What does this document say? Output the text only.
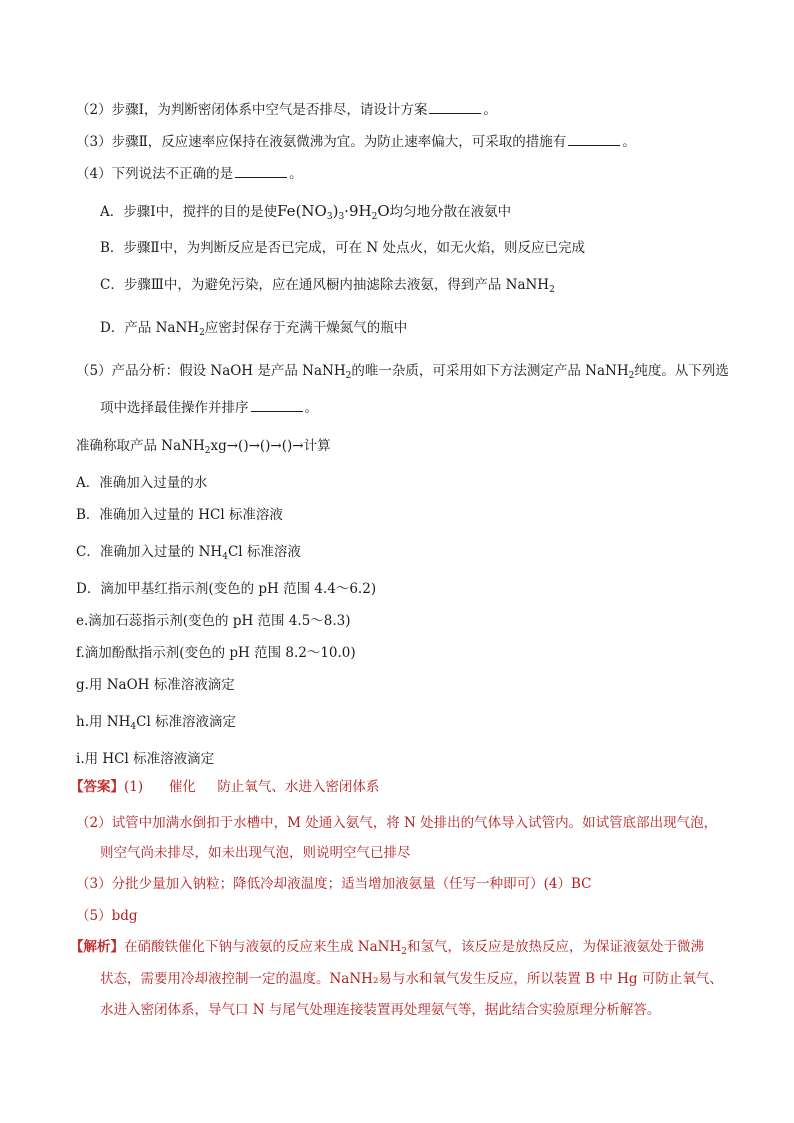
（2）步骤Ⅰ，为判断密闭体系中空气是否排尽，请设计方案	。
（3）步骤Ⅱ，反应速率应保持在液氨微沸为宜。为防止速率偏大，可采取的措施有	。
（4）下列说法不正确的是	。
A．步骤Ⅰ中，搅拌的目的是使$Fe(NO_3)_3\cdot 9H_2O$均匀地分散在液氨中
B．步骤Ⅱ中，为判断反应是否已完成，可在 N 处点火，如无火焰，则反应已完成
C．步骤Ⅲ中，为避免污染，应在通风橱内抽滤除去液氨，得到产品 NaNH$_2$
D．产品 NaNH$_2$应密封保存于充满干燥氮气的瓶中
（5）产品分析：假设 NaOH 是产品 NaNH$_2$的唯一杂质，可采用如下方法测定产品 NaNH$_2$纯度。从下列选
项中选择最佳操作并排序	。
准确称取产品 NaNH$_2$xg→()→()→()→计算
A．准确加入过量的水
B．准确加入过量的 HCl 标准溶液
C．准确加入过量的 $NH_4Cl$ 标准溶液
D．滴加甲基红指示剂(变色的 pH 范围 4.4～6.2)
e.滴加石蕊指示剂(变色的 pH 范围 4.5～8.3)
f.滴加酚酞指示剂(变色的 pH 范围 8.2～10.0)
g.用 NaOH 标准溶液滴定
h.用 $NH_4Cl$ 标准溶液滴定
i.用 HCl 标准溶液滴定
【答案】(1)      催化     防止氧气、水进入密闭体系
（2）试管中加满水倒扣于水槽中，M 处通入氨气，将 N 处排出的气体导入试管内。如试管底部出现气泡，
则空气尚未排尽，如未出现气泡，则说明空气已排尽
（3）分批少量加入钠粒；降低冷却液温度；适当增加液氨量（任写一种即可）(4）BC
（5）bdg
【解析】在硝酸铁催化下钠与液氨的反应来生成 NaNH$_2$和氢气，该反应是放热反应，为保证液氨处于微沸
状态，需要用冷却液控制一定的温度。NaNH₂易与水和氧气发生反应，所以装置 B 中 Hg 可防止氧气、
水进入密闭体系，导气口 N 与尾气处理连接装置再处理氨气等，据此结合实验原理分析解答。
